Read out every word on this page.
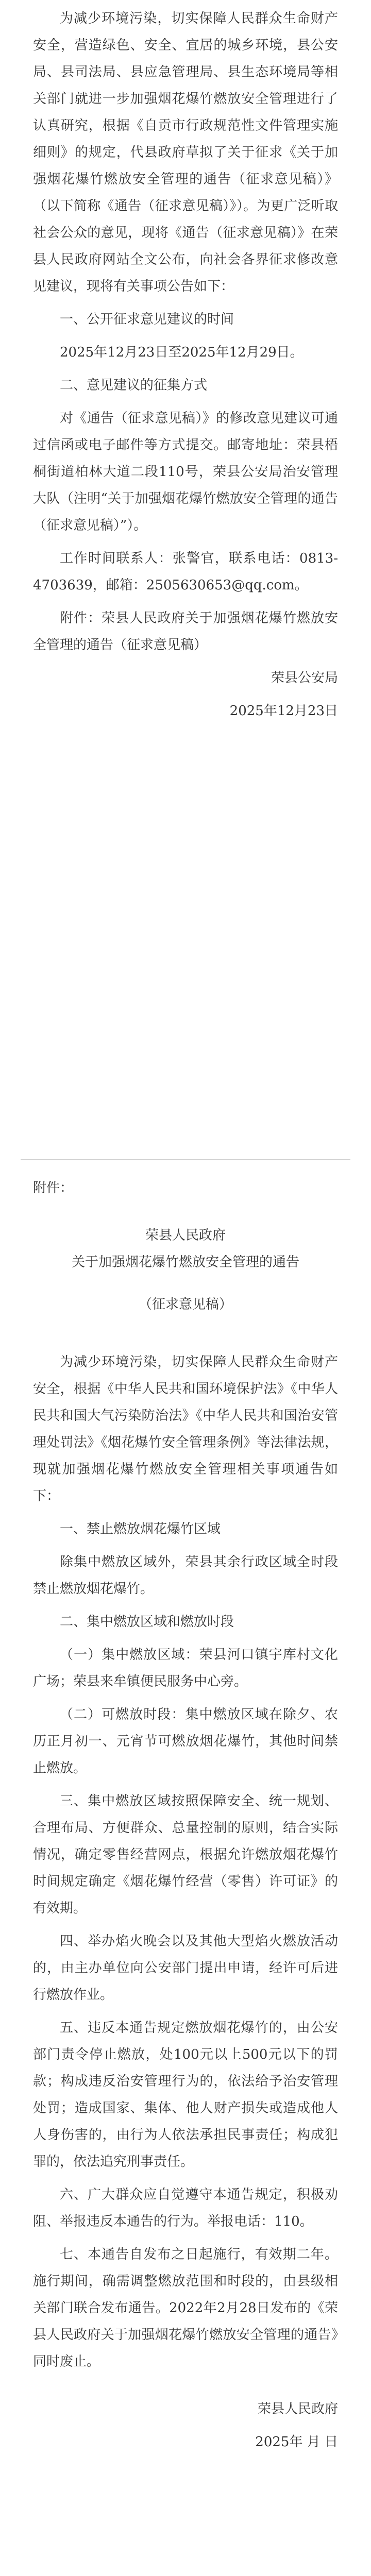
为减少环境污染，切实保障人民群众生命财产安全，营造绿色、安全、宜居的城乡环境，县公安局、县司法局、县应急管理局、县生态环境局等相关部门就进一步加强烟花爆竹燃放安全管理进行了认真研究，根据《自贡市行政规范性文件管理实施细则》的规定，代县政府草拟了关于征求《关于加强烟花爆竹燃放安全管理的通告（征求意见稿）》（以下简称《通告（征求意见稿）》）。为更广泛听取社会公众的意见，现将《通告（征求意见稿）》在荣县人民政府网站全文公布，向社会各界征求修改意见建议，现将有关事项公告如下：

一、公开征求意见建议的时间

2025年12月23日至2025年12月29日。

二、意见建议的征集方式

对《通告（征求意见稿）》的修改意见建议可通过信函或电子邮件等方式提交。邮寄地址：荣县梧桐街道柏林大道二段110号，荣县公安局治安管理大队（注明“关于加强烟花爆竹燃放安全管理的通告（征求意见稿）”）。

工作时间联系人：张警官，联系电话：0813-4703639，邮箱：2505630653@qq.com。

附件：荣县人民政府关于加强烟花爆竹燃放安全管理的通告（征求意见稿）

荣县公安局

2025年12月23日

附件：

荣县人民政府

关于加强烟花爆竹燃放安全管理的通告

（征求意见稿）

为减少环境污染，切实保障人民群众生命财产安全，根据《中华人民共和国环境保护法》《中华人民共和国大气污染防治法》《中华人民共和国治安管理处罚法》《烟花爆竹安全管理条例》等法律法规，现就加强烟花爆竹燃放安全管理相关事项通告如下：

一、禁止燃放烟花爆竹区域

除集中燃放区域外，荣县其余行政区域全时段禁止燃放烟花爆竹。

二、集中燃放区域和燃放时段

（一）集中燃放区域：荣县河口镇宇库村文化广场；荣县来牟镇便民服务中心旁。

（二）可燃放时段：集中燃放区域在除夕、农历正月初一、元宵节可燃放烟花爆竹，其他时间禁止燃放。

三、集中燃放区域按照保障安全、统一规划、合理布局、方便群众、总量控制的原则，结合实际情况，确定零售经营网点，根据允许燃放烟花爆竹时间规定确定《烟花爆竹经营（零售）许可证》的有效期。

四、举办焰火晚会以及其他大型焰火燃放活动的，由主办单位向公安部门提出申请，经许可后进行燃放作业。

五、违反本通告规定燃放烟花爆竹的，由公安部门责令停止燃放，处100元以上500元以下的罚款；构成违反治安管理行为的，依法给予治安管理处罚；造成国家、集体、他人财产损失或造成他人人身伤害的，由行为人依法承担民事责任；构成犯罪的，依法追究刑事责任。

六、广大群众应自觉遵守本通告规定，积极劝阻、举报违反本通告的行为。举报电话：110。

七、本通告自发布之日起施行，有效期二年。施行期间，确需调整燃放范围和时段的，由县级相关部门联合发布通告。2022年2月28日发布的《荣县人民政府关于加强烟花爆竹燃放安全管理的通告》同时废止。

荣县人民政府

2025年 月 日
